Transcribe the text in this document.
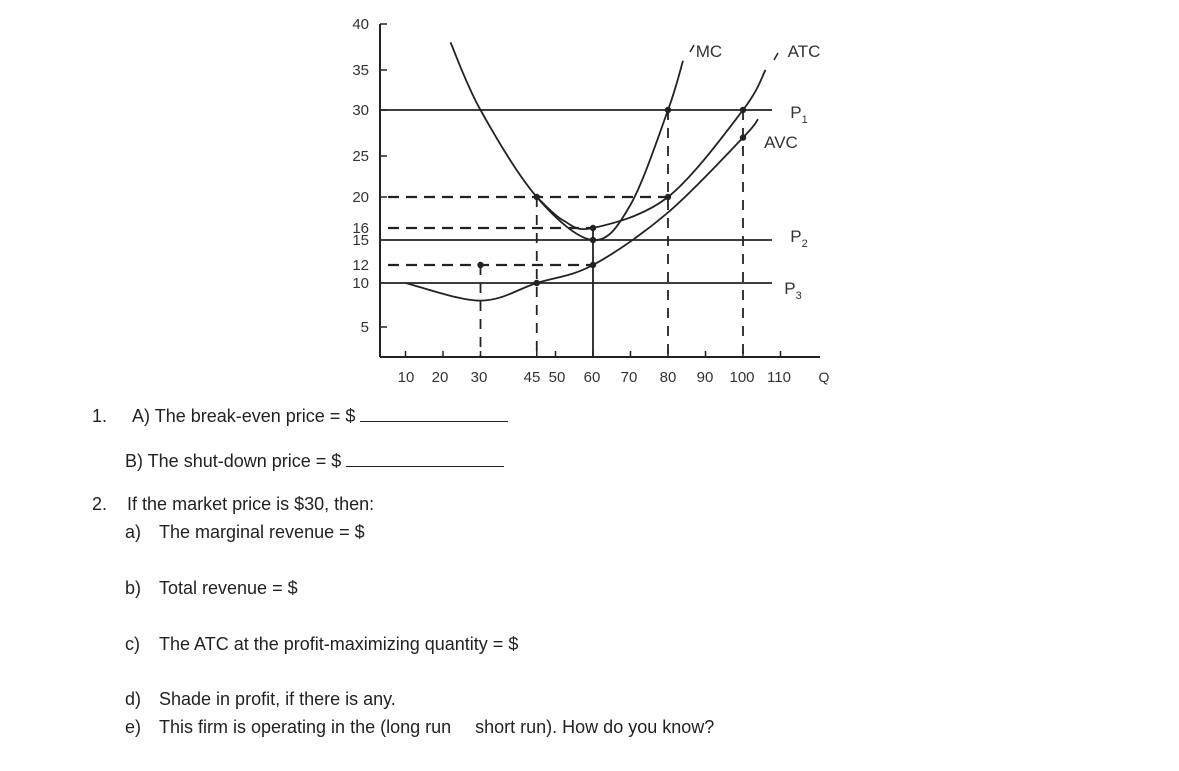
5
10
12
15
16
20
25
30
35
40
10 20 30 45 50 60 70 80 90 100 110 Q
$P_1$
$P_2$
$P_3$
MC	ATC
AVC
1. A) The break-even price = $
B) The shut-down price = $
2. If the market price is $30, then:
a) The marginal revenue = $
b) Total revenue = $
c) The ATC at the profit-maximizing quantity = $
d) Shade in profit, if there is any.
e) This firm is operating in the (long run short run). How do you know?
